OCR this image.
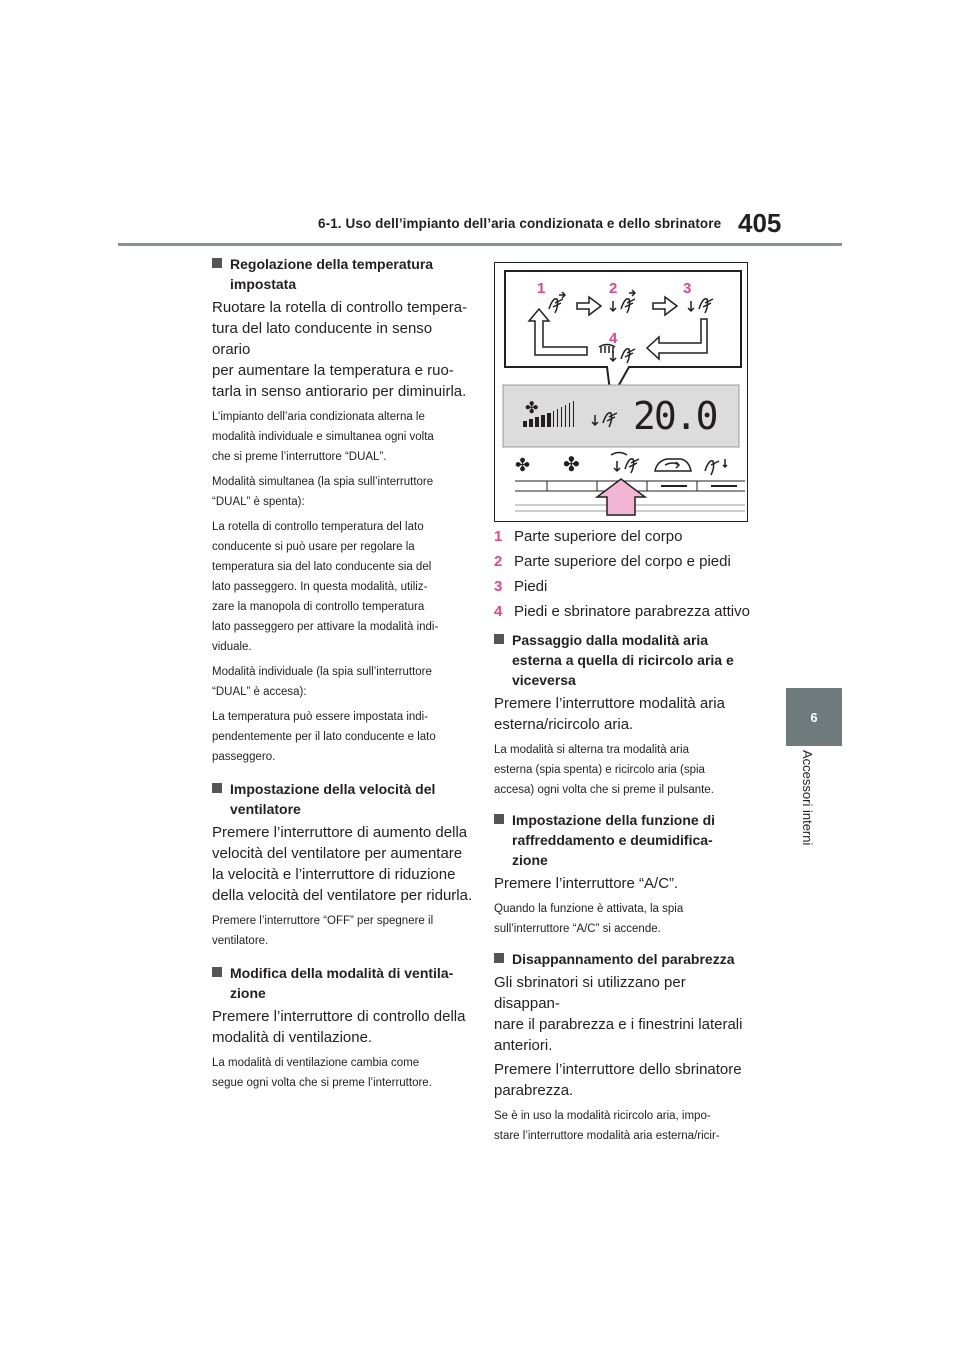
6-1. Uso dell’impianto dell’aria condizionata e dello sbrinatore 405
6
Accessori interni

Regolazione della temperatura
impostata

Ruotare la rotella di controllo tempera-
tura del lato conducente in senso orario
per aumentare la temperatura e ruo-
tarla in senso antiorario per diminuirla.

L’impianto dell’aria condizionata alterna le
modalità individuale e simultanea ogni volta
che si preme l’interruttore “DUAL”.

Modalità simultanea (la spia sull’interruttore
“DUAL” è spenta):

La rotella di controllo temperatura del lato
conducente si può usare per regolare la
temperatura sia del lato conducente sia del
lato passeggero. In questa modalità, utiliz-
zare la manopola di controllo temperatura
lato passeggero per attivare la modalità indi-
viduale.

Modalità individuale (la spia sull’interruttore
“DUAL” è accesa):

La temperatura può essere impostata indi-
pendentemente per il lato conducente e lato
passeggero.

Impostazione della velocità del
ventilatore

Premere l’interruttore di aumento della
velocità del ventilatore per aumentare
la velocità e l’interruttore di riduzione
della velocità del ventilatore per ridurla.

Premere l’interruttore “OFF” per spegnere il
ventilatore.

Modifica della modalità di ventila-
zione

Premere l’interruttore di controllo della
modalità di ventilazione.

La modalità di ventilazione cambia come
segue ogni volta che si preme l’interruttore.

1	2	3
4
✤ 20.0
✤ ✤
1 Parte superiore del corpo
2 Parte superiore del corpo e piedi
3 Piedi
4 Piedi e sbrinatore parabrezza attivo

Passaggio dalla modalità aria
esterna a quella di ricircolo aria e
viceversa

Premere l’interruttore modalità aria
esterna/ricircolo aria.

La modalità si alterna tra modalità aria
esterna (spia spenta) e ricircolo aria (spia
accesa) ogni volta che si preme il pulsante.

Impostazione della funzione di
raffreddamento e deumidifica-
zione

Premere l’interruttore “A/C”.

Quando la funzione è attivata, la spia
sull’interruttore “A/C” si accende.

Disappannamento del parabrezza

Gli sbrinatori si utilizzano per disappan-
nare il parabrezza e i finestrini laterali
anteriori.

Premere l’interruttore dello sbrinatore
parabrezza.

Se è in uso la modalità ricircolo aria, impo-
stare l’interruttore modalità aria esterna/ricir-
